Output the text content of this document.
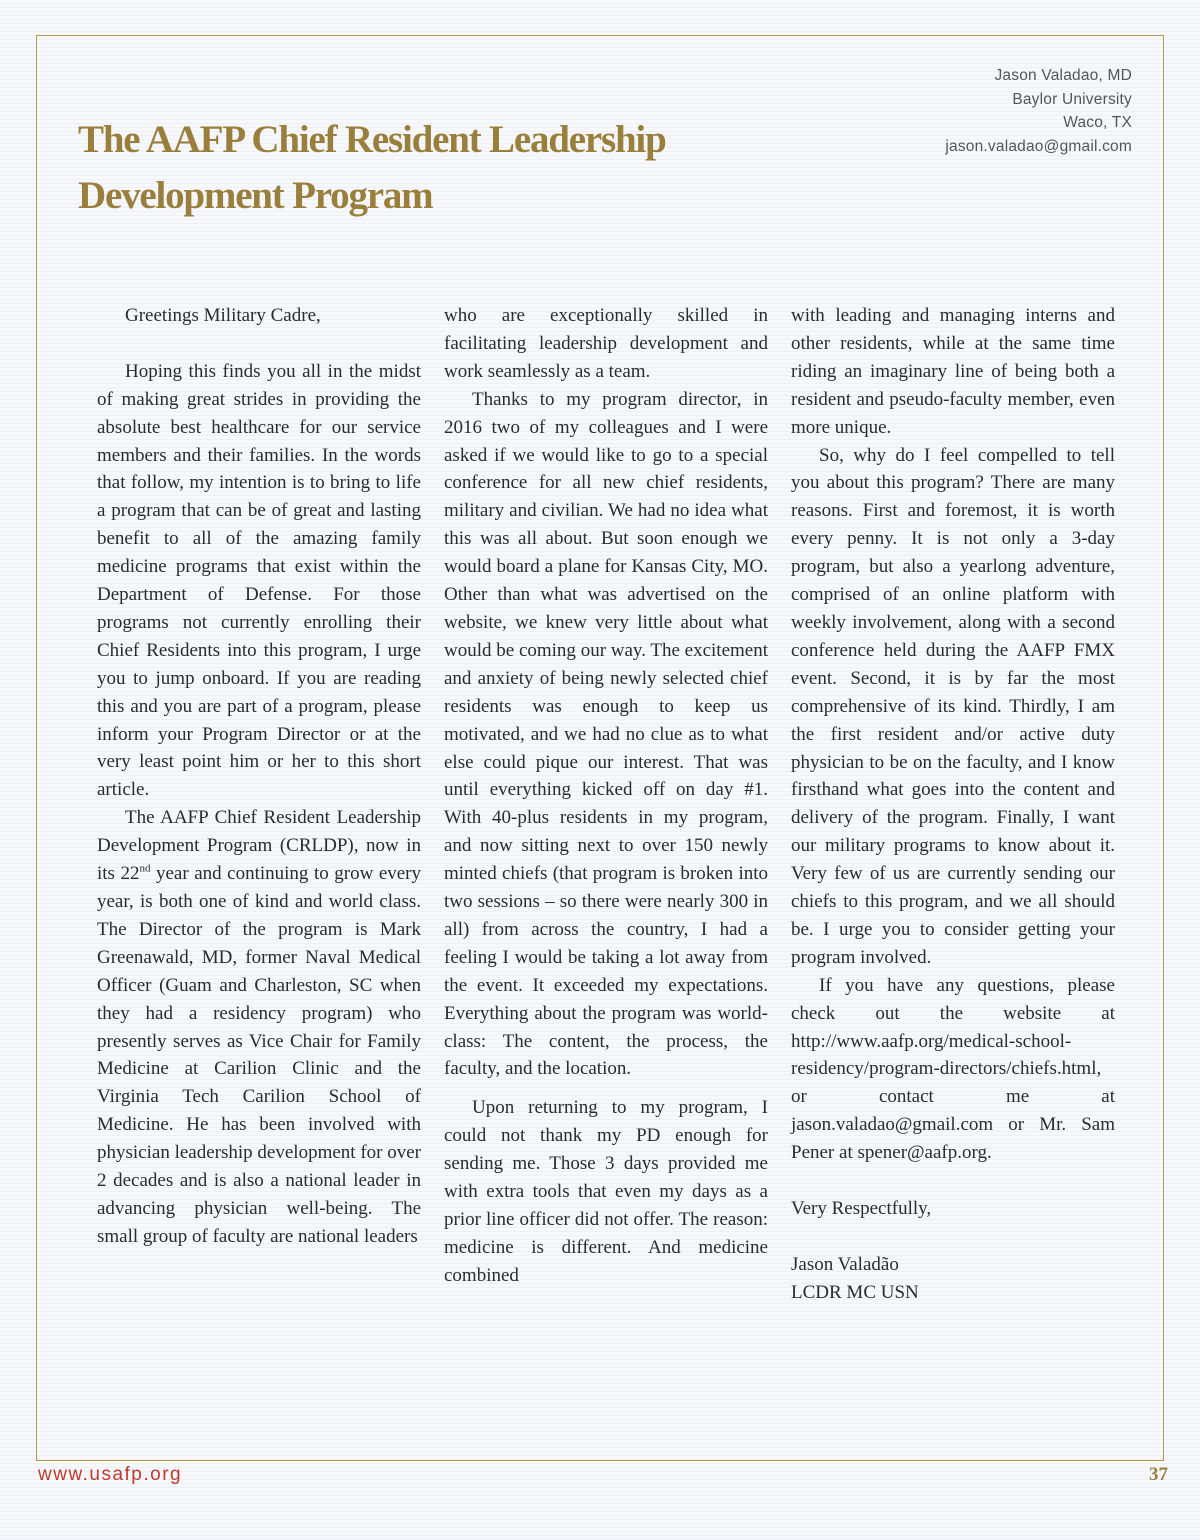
Jason Valadao, MD
Baylor University
Waco, TX
jason.valadao@gmail.com
The AAFP Chief Resident Leadership Development Program

Greetings Military Cadre,

Hoping this finds you all in the midst of making great strides in providing the absolute best healthcare for our service members and their families. In the words that follow, my intention is to bring to life a program that can be of great and lasting benefit to all of the amazing family medicine programs that exist within the Department of Defense. For those programs not currently enrolling their Chief Residents into this program, I urge you to jump onboard. If you are reading this and you are part of a program, please inform your Program Director or at the very least point him or her to this short article.

The AAFP Chief Resident Leadership Development Program (CRLDP), now in its 22nd year and continuing to grow every year, is both one of kind and world class. The Director of the program is Mark Greenawald, MD, former Naval Medical Officer (Guam and Charleston, SC when they had a residency program) who presently serves as Vice Chair for Family Medicine at Carilion Clinic and the Virginia Tech Carilion School of Medicine. He has been involved with physician leadership development for over 2 decades and is also a national leader in advancing physician well-being. The small group of faculty are national leaders

who are exceptionally skilled in facilitating leadership development and work seamlessly as a team.

Thanks to my program director, in 2016 two of my colleagues and I were asked if we would like to go to a special conference for all new chief residents, military and civilian. We had no idea what this was all about. But soon enough we would board a plane for Kansas City, MO. Other than what was advertised on the website, we knew very little about what would be coming our way. The excitement and anxiety of being newly selected chief residents was enough to keep us motivated, and we had no clue as to what else could pique our interest. That was until everything kicked off on day #1. With 40-plus residents in my program, and now sitting next to over 150 newly minted chiefs (that program is broken into two sessions – so there were nearly 300 in all) from across the country, I had a feeling I would be taking a lot away from the event. It exceeded my expectations. Everything about the program was world-class: The content, the process, the faculty, and the location.

Upon returning to my program, I could not thank my PD enough for sending me. Those 3 days provided me with extra tools that even my days as a prior line officer did not offer. The reason: medicine is different. And medicine combined

with leading and managing interns and other residents, while at the same time riding an imaginary line of being both a resident and pseudo-faculty member, even more unique.

So, why do I feel compelled to tell you about this program? There are many reasons. First and foremost, it is worth every penny. It is not only a 3-day program, but also a yearlong adventure, comprised of an online platform with weekly involvement, along with a second conference held during the AAFP FMX event. Second, it is by far the most comprehensive of its kind. Thirdly, I am the first resident and/or active duty physician to be on the faculty, and I know firsthand what goes into the content and delivery of the program. Finally, I want our military programs to know about it. Very few of us are currently sending our chiefs to this program, and we all should be. I urge you to consider getting your program involved.

If you have any questions, please check out the website at http://www.aafp.org/medical-school-residency/program-directors/chiefs.html, or contact me at jason.valadao@gmail.com or Mr. Sam Pener at spener@aafp.org.

Very Respectfully,

Jason Valadão
LCDR MC USN

www.usafp.org	37
